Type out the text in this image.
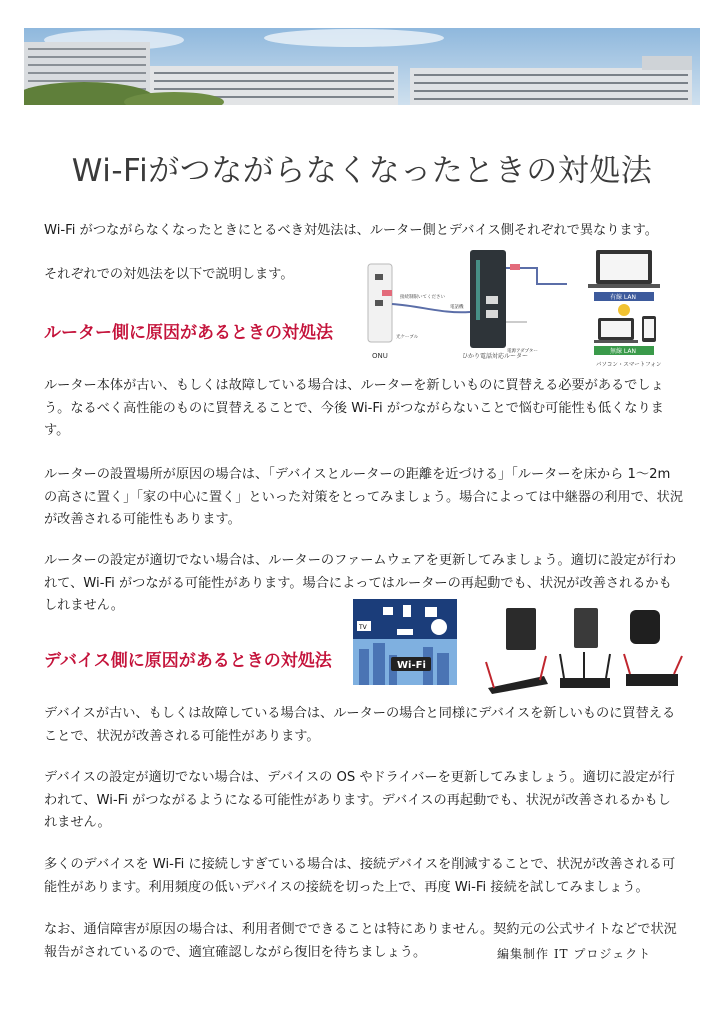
Wi-Fiがつながらなくなったときの対処法

Wi-Fi がつながらなくなったときにとるべき対処法は、ルーター側とデバイス側それぞれで異なります。

それぞれでの対処法を以下で説明します。

ルーター側に原因があるときの対処法
ONU	ひかり電話対応ルーター
接続制限いてください
電話機
電源アダプター
光ケーブル
有線 LAN
無線 LAN
パソコン・スマートフォン

ルーター本体が古い、もしくは故障している場合は、ルーターを新しいものに買替える必要があるでしょう。なるべく高性能のものに買替えることで、今後 Wi-Fi がつながらないことで悩む可能性も低くなります。

ルーターの設置場所が原因の場合は、「デバイスとルーターの距離を近づける」「ルーターを床から 1～2m の高さに置く」「家の中心に置く」といった対策をとってみましょう。場合によっては中継器の利用で、状況が改善される可能性もあります。

ルーターの設定が適切でない場合は、ルーターのファームウェアを更新してみましょう。適切に設定が行われて、Wi-Fi がつながる可能性があります。場合によってはルーターの再起動でも、状況が改善されるかもしれません。

TV
Wi-Fi
デバイス側に原因があるときの対処法

デバイスが古い、もしくは故障している場合は、ルーターの場合と同様にデバイスを新しいものに買替えることで、状況が改善される可能性があります。

デバイスの設定が適切でない場合は、デバイスの OS やドライバーを更新してみましょう。適切に設定が行われて、Wi-Fi がつながるようになる可能性があります。デバイスの再起動でも、状況が改善されるかもしれません。

多くのデバイスを Wi-Fi に接続しすぎている場合は、接続デバイスを削減することで、状況が改善される可能性があります。利用頻度の低いデバイスの接続を切った上で、再度 Wi-Fi 接続を試してみましょう。

なお、通信障害が原因の場合は、利用者側でできることは特にありません。契約元の公式サイトなどで状況報告がされているので、適宜確認しながら復旧を待ちましょう。	編集制作 IT プロジェクト
